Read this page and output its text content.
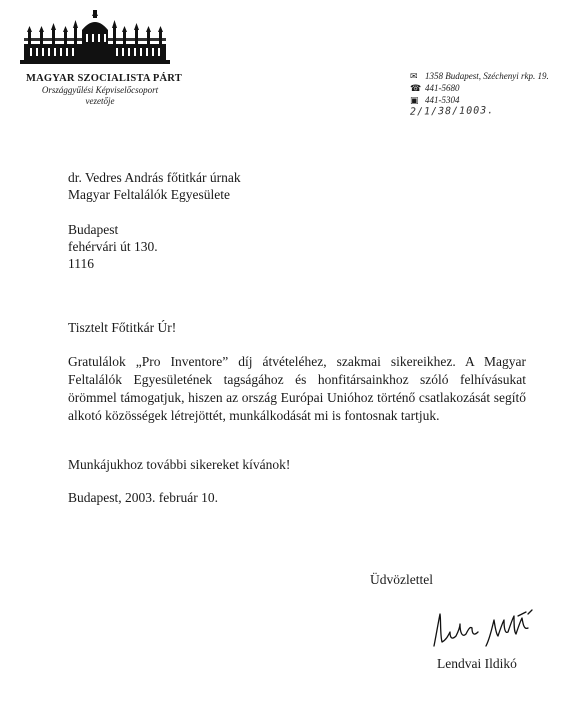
MAGYAR SZOCIALISTA PÁRT
Országgyűlési Képviselőcsoport
vezetője
✉ 1358 Budapest, Széchenyi rkp. 19.
☎ 441-5680
▣ 441-5304
2/1/38/1003.
dr. Vedres András főtitkár úrnak
Magyar Feltalálók Egyesülete
Budapest
fehérvári út 130.
1116
Tisztelt Főtitkár Úr!
Gratulálok „Pro Inventore” díj átvételéhez, szakmai sikereikhez. A Magyar Feltalálók Egyesületének tagságához és honfitársainkhoz szóló felhívásukat örömmel támogatjuk, hiszen az ország Európai Unióhoz történő csatlakozását segítő alkotó közösségek létrejöttét, munkálkodását mi is fontosnak tartjuk.
Munkájukhoz további sikereket kívánok!
Budapest, 2003. február 10.
Üdvözlettel
Lendvai Ildikó
